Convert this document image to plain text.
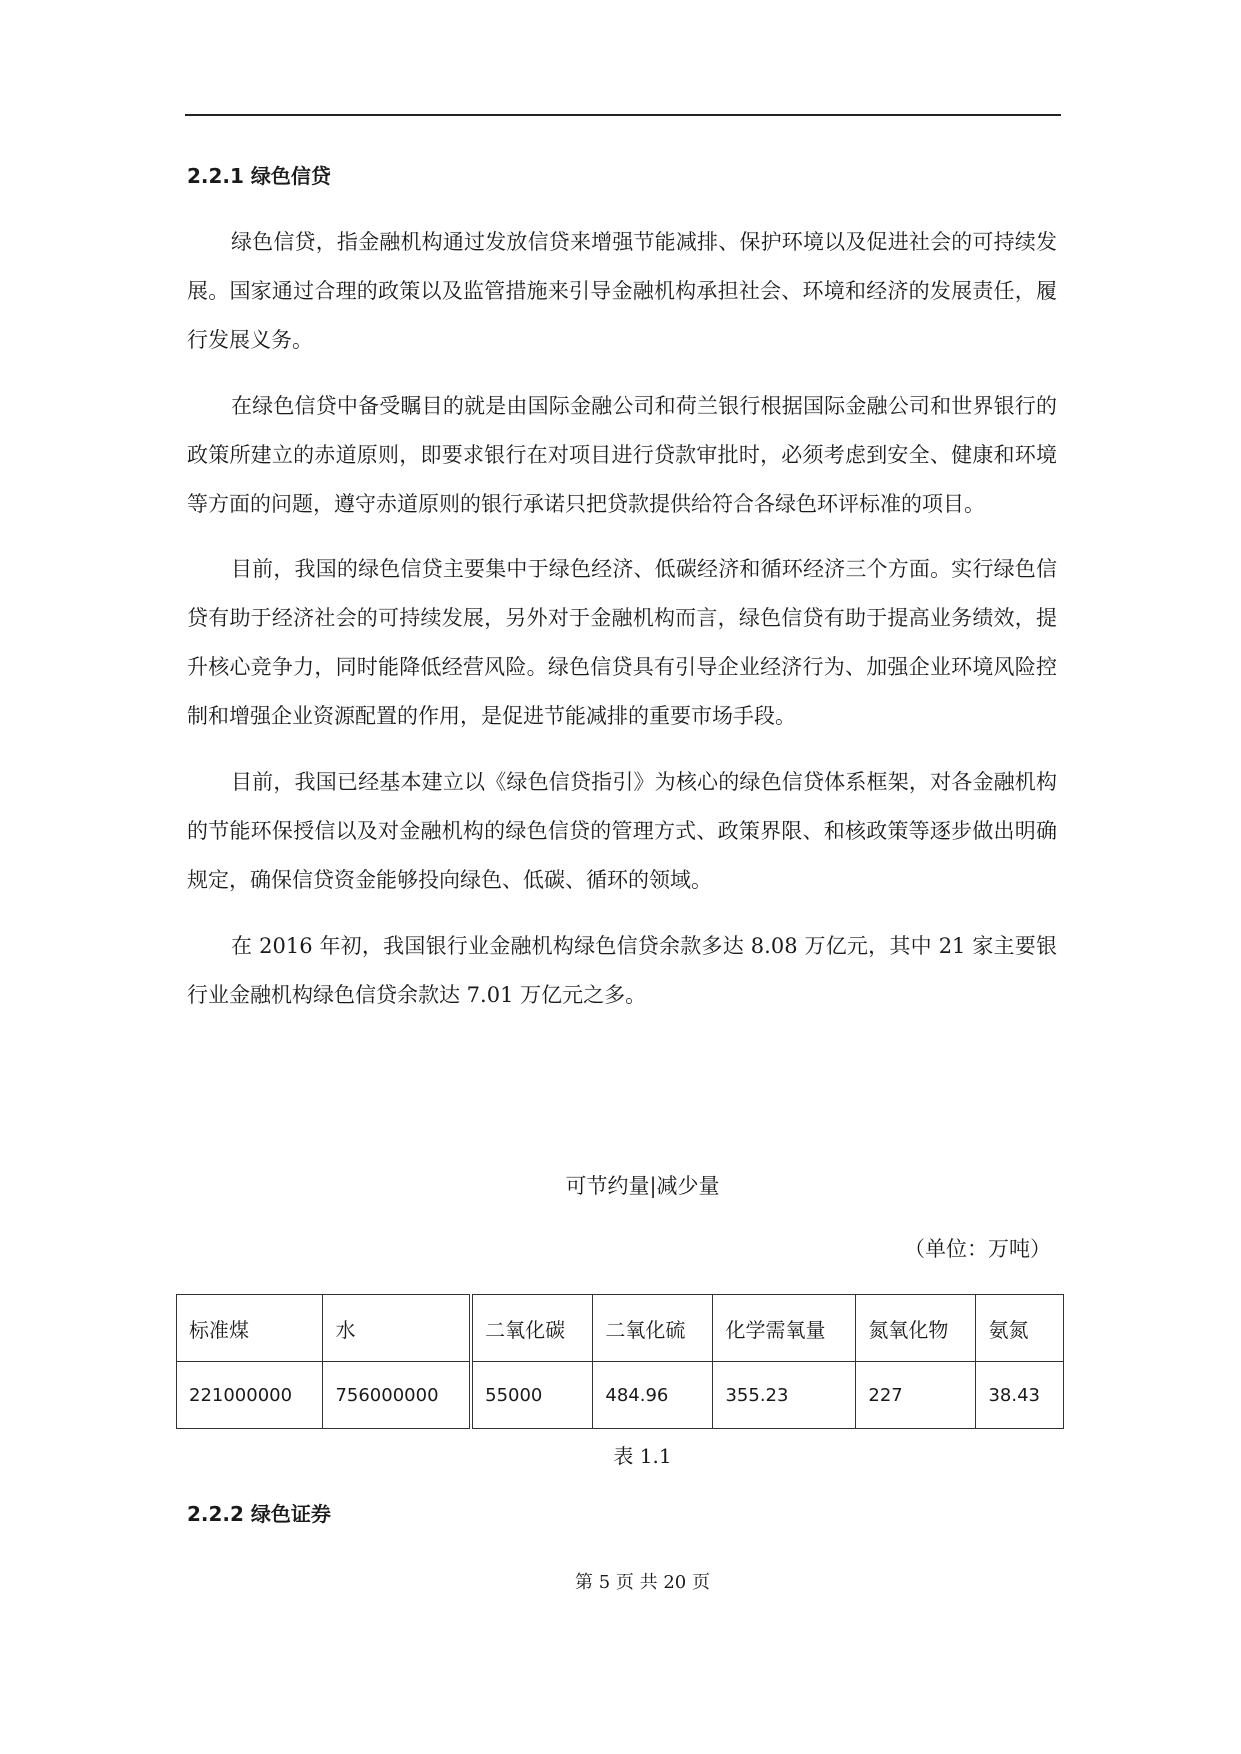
2.2.1 绿色信贷

绿色信贷，指金融机构通过发放信贷来增强节能减排、保护环境以及促进社会的可持续发展。国家通过合理的政策以及监管措施来引导金融机构承担社会、环境和经济的发展责任，履行发展义务。

在绿色信贷中备受瞩目的就是由国际金融公司和荷兰银行根据国际金融公司和世界银行的政策所建立的赤道原则，即要求银行在对项目进行贷款审批时，必须考虑到安全、健康和环境等方面的问题，遵守赤道原则的银行承诺只把贷款提供给符合各绿色环评标准的项目。

目前，我国的绿色信贷主要集中于绿色经济、低碳经济和循环经济三个方面。实行绿色信贷有助于经济社会的可持续发展，另外对于金融机构而言，绿色信贷有助于提高业务绩效，提升核心竞争力，同时能降低经营风险。绿色信贷具有引导企业经济行为、加强企业环境风险控制和增强企业资源配置的作用，是促进节能减排的重要市场手段。

目前，我国已经基本建立以《绿色信贷指引》为核心的绿色信贷体系框架，对各金融机构的节能环保授信以及对金融机构的绿色信贷的管理方式、政策界限、和核政策等逐步做出明确规定，确保信贷资金能够投向绿色、低碳、循环的领域。

在 2016 年初，我国银行业金融机构绿色信贷余款多达 8.08 万亿元，其中 21 家主要银行业金融机构绿色信贷余款达 7.01 万亿元之多。

可节约量|减少量
（单位：万吨）
标准煤	水	二氧化碳	二氧化硫	化学需氧量	氮氧化物	氨氮
221000000	756000000	55000	484.96	355.23	227	38.43
表 1.1
2.2.2 绿色证券
第 5 页 共 20 页
